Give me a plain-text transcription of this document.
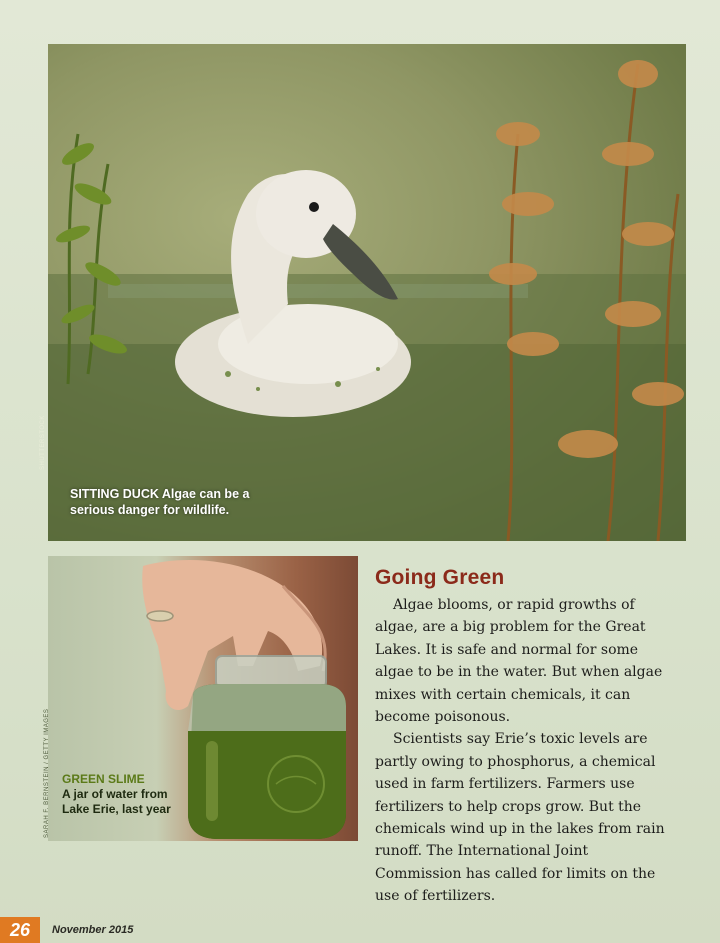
SITTING DUCK Algae can be a serious danger for wildlife.
SHUTTERSTOCK
GREEN SLIME
A jar of water from Lake Erie, last year
SARAH F. BERNSTEIN / GETTY IMAGES
Going Green

Algae blooms, or rapid growths of algae, are a big problem for the Great Lakes. It is safe and normal for some algae to be in the water. But when algae mixes with certain chemicals, it can become poisonous.

Scientists say Erie’s toxic levels are partly owing to phosphorus, a chemical used in farm fertilizers. Farmers use fertilizers to help crops grow. But the chemicals wind up in the lakes from rain runoff. The International Joint Commission has called for limits on the use of fertilizers.

26	November 2015
